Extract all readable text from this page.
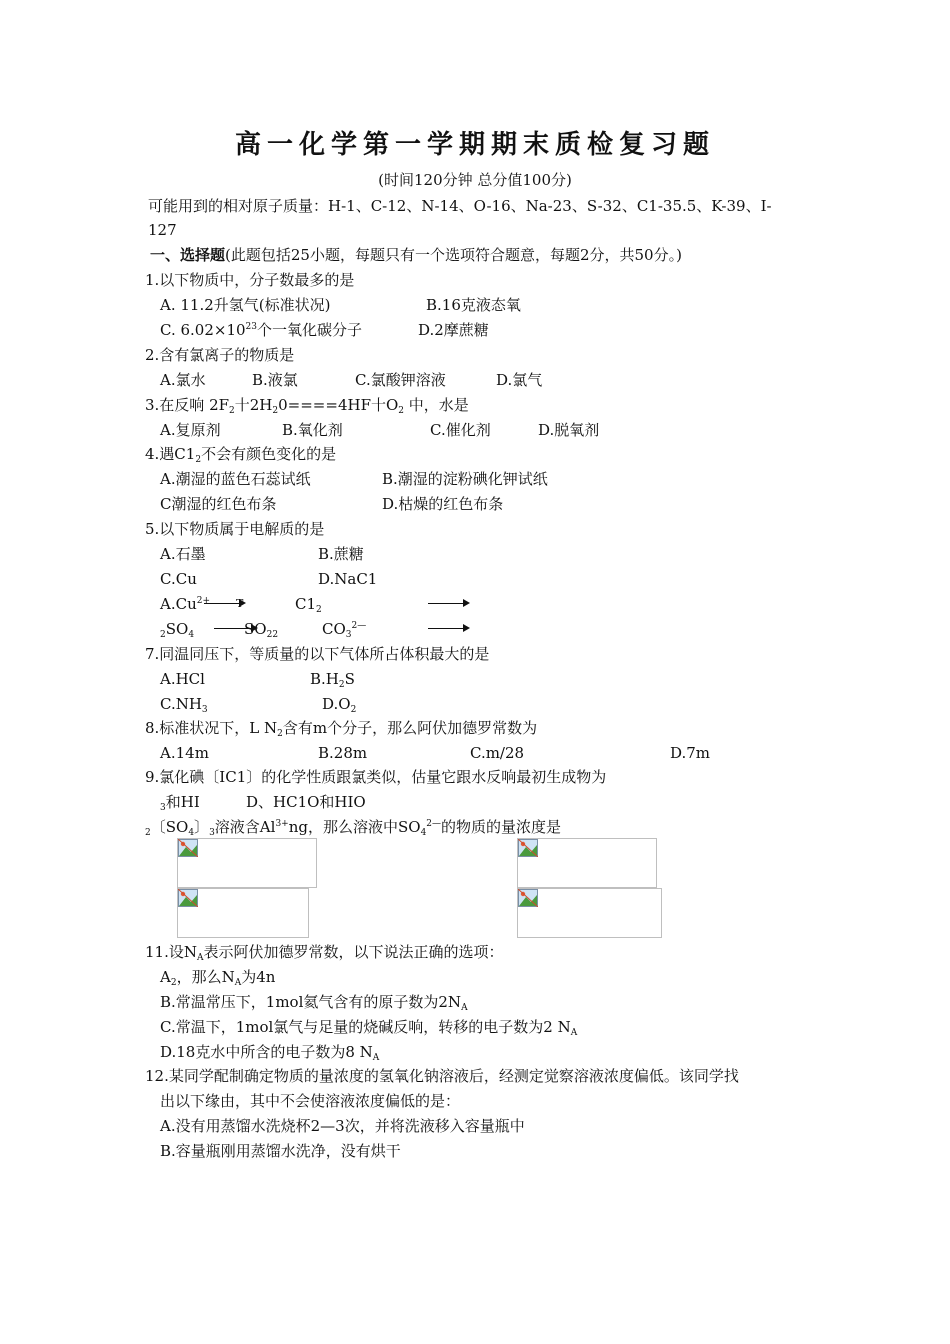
高一化学第一学期期末质检复习题
(时间120分钟 总分值100分)
可能用到的相对原子质量：H-1、C-12、N-14、O-16、Na-23、S-32、C1-35.5、K-39、I-
127
一、选择题(此题包括25小题，每题只有一个选项符合题意，每题2分，共50分。)
1.以下物质中，分子数最多的是
A. 11.2升氢气(标准状况)	B.16克液态氧
C. $6.02\times 10^{23}$个一氧化碳分子	D.2摩蔗糖
2.含有氯离子的物质是
A.氯水	B.液氯	C.氯酸钾溶液	D.氯气
3.在反响 $2F_2$十$2H_20====4HF$十$O_2$ 中，水是
A.复原剂	B.氧化剂	C.催化剂	D.脱氧剂
4.遇$C1_2$不会有颜色变化的是
A.潮湿的蓝色石蕊试纸	B.潮湿的淀粉碘化钾试纸
C潮湿的红色布条	D.枯燥的红色布条
5.以下物质属于电解质的是
A.石墨	B.蔗糖
C.Cu	D.NaC1
$A.Cu^{2+}$ T	$C1_2$
$_2SO_4$	$SO_{22}$	$CO_3^{2—}$
7.同温同压下，等质量的以下气体所占体积最大的是
A.HCl	$B.H_2S$
$C.NH_3$	$D.O_2$
8.标准状况下，L $N_2$含有m个分子，那么阿伏加德罗常数为
A.14m	B.28m	C.m/28	D.7m
9.氯化碘〔IC1〕的化学性质跟氯类似，估量它跟水反响最初生成物为
$_3$和HI	D、HC1O和HIO
$_2$〔$SO_4$〕$_3$溶液含$Al^{3+}ng$，那么溶液中$SO_4^{2—}$的物质的量浓度是
11.设$N_A$表示阿伏加德罗常数，以下说法正确的选项：
$A_2$，那么$N_A$为4n
B.常温常压下，1mol氦气含有的原子数为$2N_A$
C.常温下，1mol氯气与足量的烧碱反响，转移的电子数为2 $N_A$
D.18克水中所含的电子数为8 $N_A$
12.某同学配制确定物质的量浓度的氢氧化钠溶液后，经测定觉察溶液浓度偏低。该同学找
出以下缘由，其中不会使溶液浓度偏低的是：
A.没有用蒸馏水洗烧杯2—3次，并将洗液移入容量瓶中
B.容量瓶刚用蒸馏水洗净，没有烘干
